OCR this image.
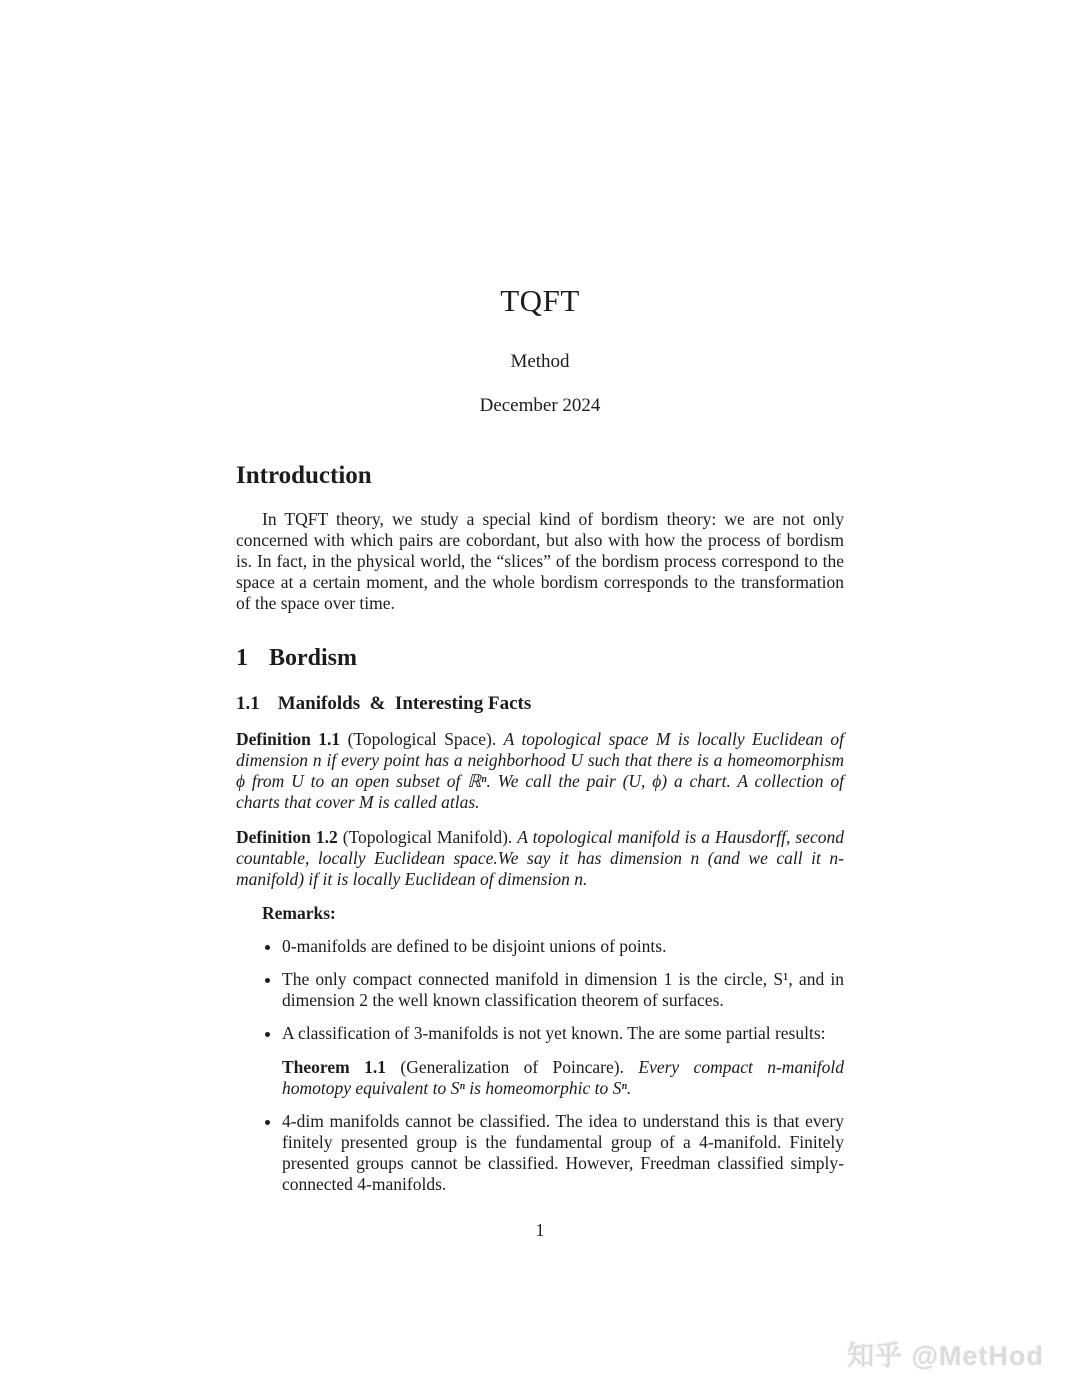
TQFT
Method
December 2024
Introduction

In TQFT theory, we study a special kind of bordism theory: we are not only concerned with which pairs are cobordant, but also with how the process of bordism is. In fact, in the physical world, the “slices” of the bordism process correspond to the space at a certain moment, and the whole bordism corresponds to the transformation of the space over time.

1 Bordism
1.1 Manifolds & Interesting Facts

Definition 1.1 (Topological Space). A topological space M is locally Euclidean of dimension n if every point has a neighborhood U such that there is a homeomorphism ϕ from U to an open subset of ℝⁿ. We call the pair (U, ϕ) a chart. A collection of charts that cover M is called atlas.

Definition 1.2 (Topological Manifold). A topological manifold is a Hausdorff, second countable, locally Euclidean space.We say it has dimension n (and we call it n-manifold) if it is locally Euclidean of dimension n.

Remarks:
• 0-manifolds are defined to be disjoint unions of points.
• The only compact connected manifold in dimension 1 is the circle, S¹, and in dimension 2 the well known classification theorem of surfaces.
• A classification of 3-manifolds is not yet known. The are some partial results:

Theorem 1.1 (Generalization of Poincare). Every compact n-manifold homotopy equivalent to Sⁿ is homeomorphic to Sⁿ.

• 4-dim manifolds cannot be classified. The idea to understand this is that every finitely presented group is the fundamental group of a 4-manifold. Finitely presented groups cannot be classified. However, Freedman classified simply-connected 4-manifolds.
1
知乎 @MetHod
